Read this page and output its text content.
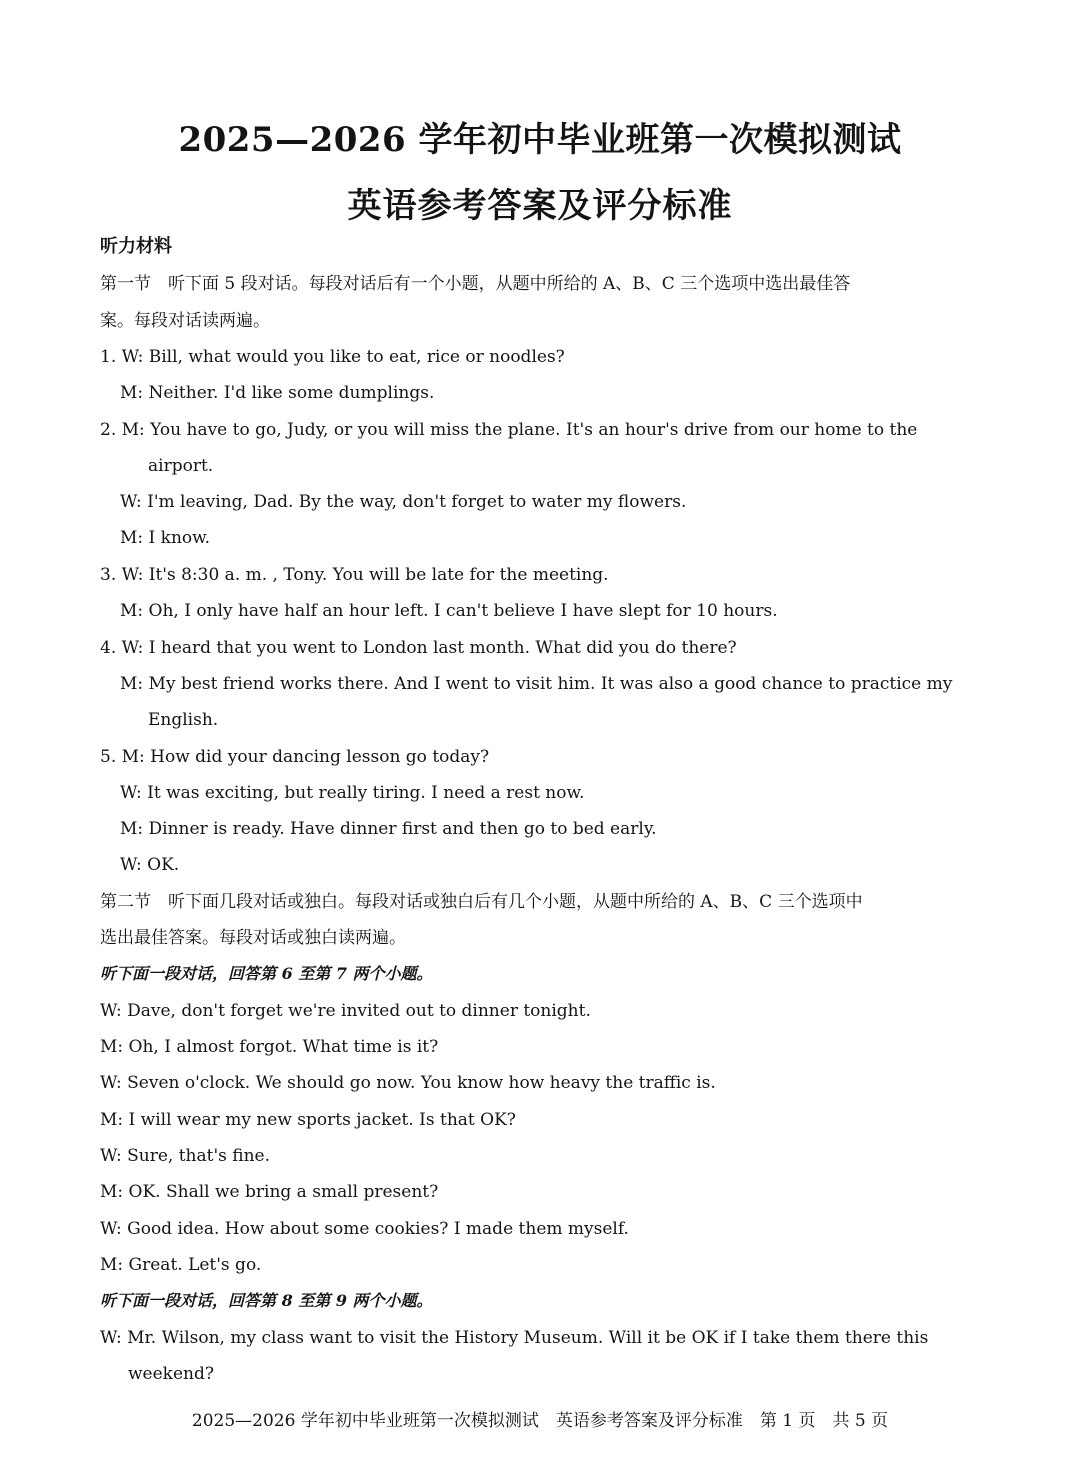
2025—2026 学年初中毕业班第一次模拟测试
英语参考答案及评分标准
听力材料
第一节　听下面 5 段对话。每段对话后有一个小题，从题中所给的 A、B、C 三个选项中选出最佳答
案。每段对话读两遍。
1. W: Bill, what would you like to eat, rice or noodles?
M: Neither. I'd like some dumplings.
2. M: You have to go, Judy, or you will miss the plane. It's an hour's drive from our home to the
airport.
W: I'm leaving, Dad. By the way, don't forget to water my flowers.
M: I know.
3. W: It's 8:30 a. m. , Tony. You will be late for the meeting.
M: Oh, I only have half an hour left. I can't believe I have slept for 10 hours.
4. W: I heard that you went to London last month. What did you do there?
M: My best friend works there. And I went to visit him. It was also a good chance to practice my
English.
5. M: How did your dancing lesson go today?
W: It was exciting, but really tiring. I need a rest now.
M: Dinner is ready. Have dinner first and then go to bed early.
W: OK.
第二节　听下面几段对话或独白。每段对话或独白后有几个小题，从题中所给的 A、B、C 三个选项中
选出最佳答案。每段对话或独白读两遍。
听下面一段对话，回答第 6 至第 7 两个小题。
W: Dave, don't forget we're invited out to dinner tonight.
M: Oh, I almost forgot. What time is it?
W: Seven o'clock. We should go now. You know how heavy the traffic is.
M: I will wear my new sports jacket. Is that OK?
W: Sure, that's fine.
M: OK. Shall we bring a small present?
W: Good idea. How about some cookies? I made them myself.
M: Great. Let's go.
听下面一段对话，回答第 8 至第 9 两个小题。
W: Mr. Wilson, my class want to visit the History Museum. Will it be OK if I take them there this
weekend?
2025—2026 学年初中毕业班第一次模拟测试　英语参考答案及评分标准　第 1 页　共 5 页
